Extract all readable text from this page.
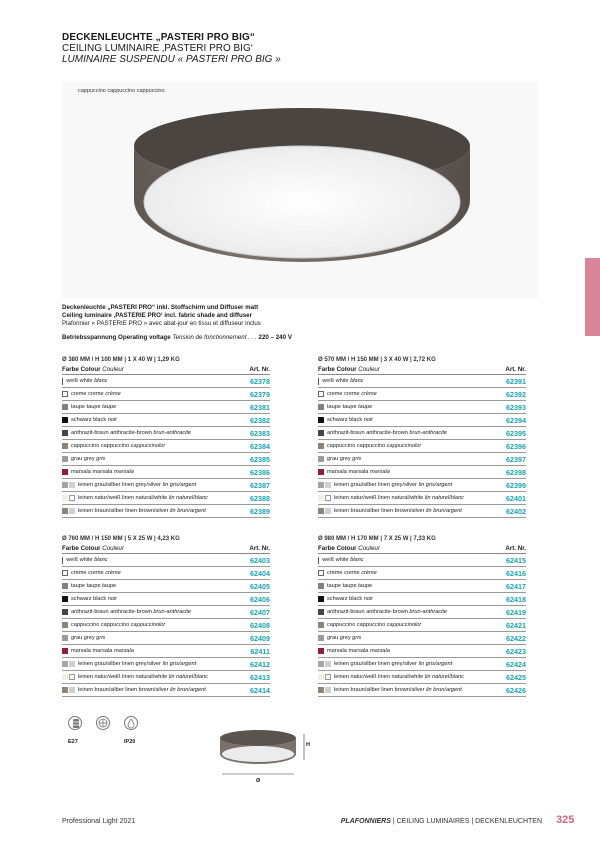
DECKENLEUCHTE „PASTERI PRO BIG“
CEILING LUMINAIRE ‚PASTERI PRO BIG‘
LUMINAIRE SUSPENDU « PASTERI PRO BIG »
cappuccino cappuccino cappuccino
Deckenleuchte „PASTERI PRO“ inkl. Stoffschirm und Diffuser matt
Ceiling luminaire ‚PASTERIE PRO‘ incl. fabric shade and diffuser
Plafonnier « PASTERIE PRO » avec abat-jour en tissu et diffuseur inclus
Betriebsspannung Operating voltage Tension de fonctionnement . . . 220 – 240 V
Ø 380 MM / H 100 MM | 1 X 40 W | 1,29 KG
Farbe Colour Couleur	Art. Nr.
weiß white blanc	62378
creme creme crème	62379
taupe taupe taupe	62381
schwarz black noir	62382
anthrazit-braun anthracite-brown brun-anthracite	62383
cappuccino cappuccino cappuccinolor	62384
grau grey gris	62385
marsala marsala marsala	62386
leinen grau/silber linen grey/silver lin gris/argent	62387
leinen natur/weiß linen natural/white lin naturel/blanc	62388
leinen braun/silber linen brown/silver lin brun/argent	62389
Ø 570 MM / H 150 MM | 3 X 40 W | 2,72 KG
Farbe Colour Couleur	Art. Nr.
weiß white blanc	62391
creme creme crème	62392
taupe taupe taupe	62393
schwarz black noir	62394
anthrazit-braun anthracite-brown brun-anthracite	62395
cappuccino cappuccino cappuccinolor	62396
grau grey gris	62397
marsala marsala marsala	62398
leinen grau/silber linen grey/silver lin gris/argent	62399
leinen natur/weiß linen natural/white lin naturel/blanc	62401
leinen braun/silber linen brown/silver lin brun/argent	62402
Ø 760 MM / H 150 MM | 5 X 25 W | 4,23 KG
Farbe Colour Couleur	Art. Nr.
weiß white blanc	62403
creme creme crème	62404
taupe taupe taupe	62405
schwarz black noir	62406
anthrazit-braun anthracite-brown brun-anthracite	62407
cappuccino cappuccino cappuccinolor	62408
grau grey gris	62409
marsala marsala marsala	62411
leinen grau/silber linen grey/silver lin gris/argent	62412
leinen natur/weiß linen natural/white lin naturel/blanc	62413
leinen braun/silber linen brown/silver lin brun/argent	62414
Ø 980 MM / H 170 MM | 7 X 25 W | 7,33 KG
Farbe Colour Couleur	Art. Nr.
weiß white blanc	62415
creme creme crème	62416
taupe taupe taupe	62417
schwarz black noir	62418
anthrazit-braun anthracite-brown brun-anthracite	62419
cappuccino cappuccino cappuccinolor	62421
grau grey gris	62422
marsala marsala marsala	62423
leinen grau/silber linen grey/silver lin gris/argent	62424
leinen natur/weiß linen natural/white lin naturel/blanc	62425
leinen braun/silber linen brown/silver lin brun/argent	62426
E27	IP20	H
Ø
Professional Light 2021	PLAFONNIERS | CEILING LUMINAIRES | DECKENLEUCHTEN 325
